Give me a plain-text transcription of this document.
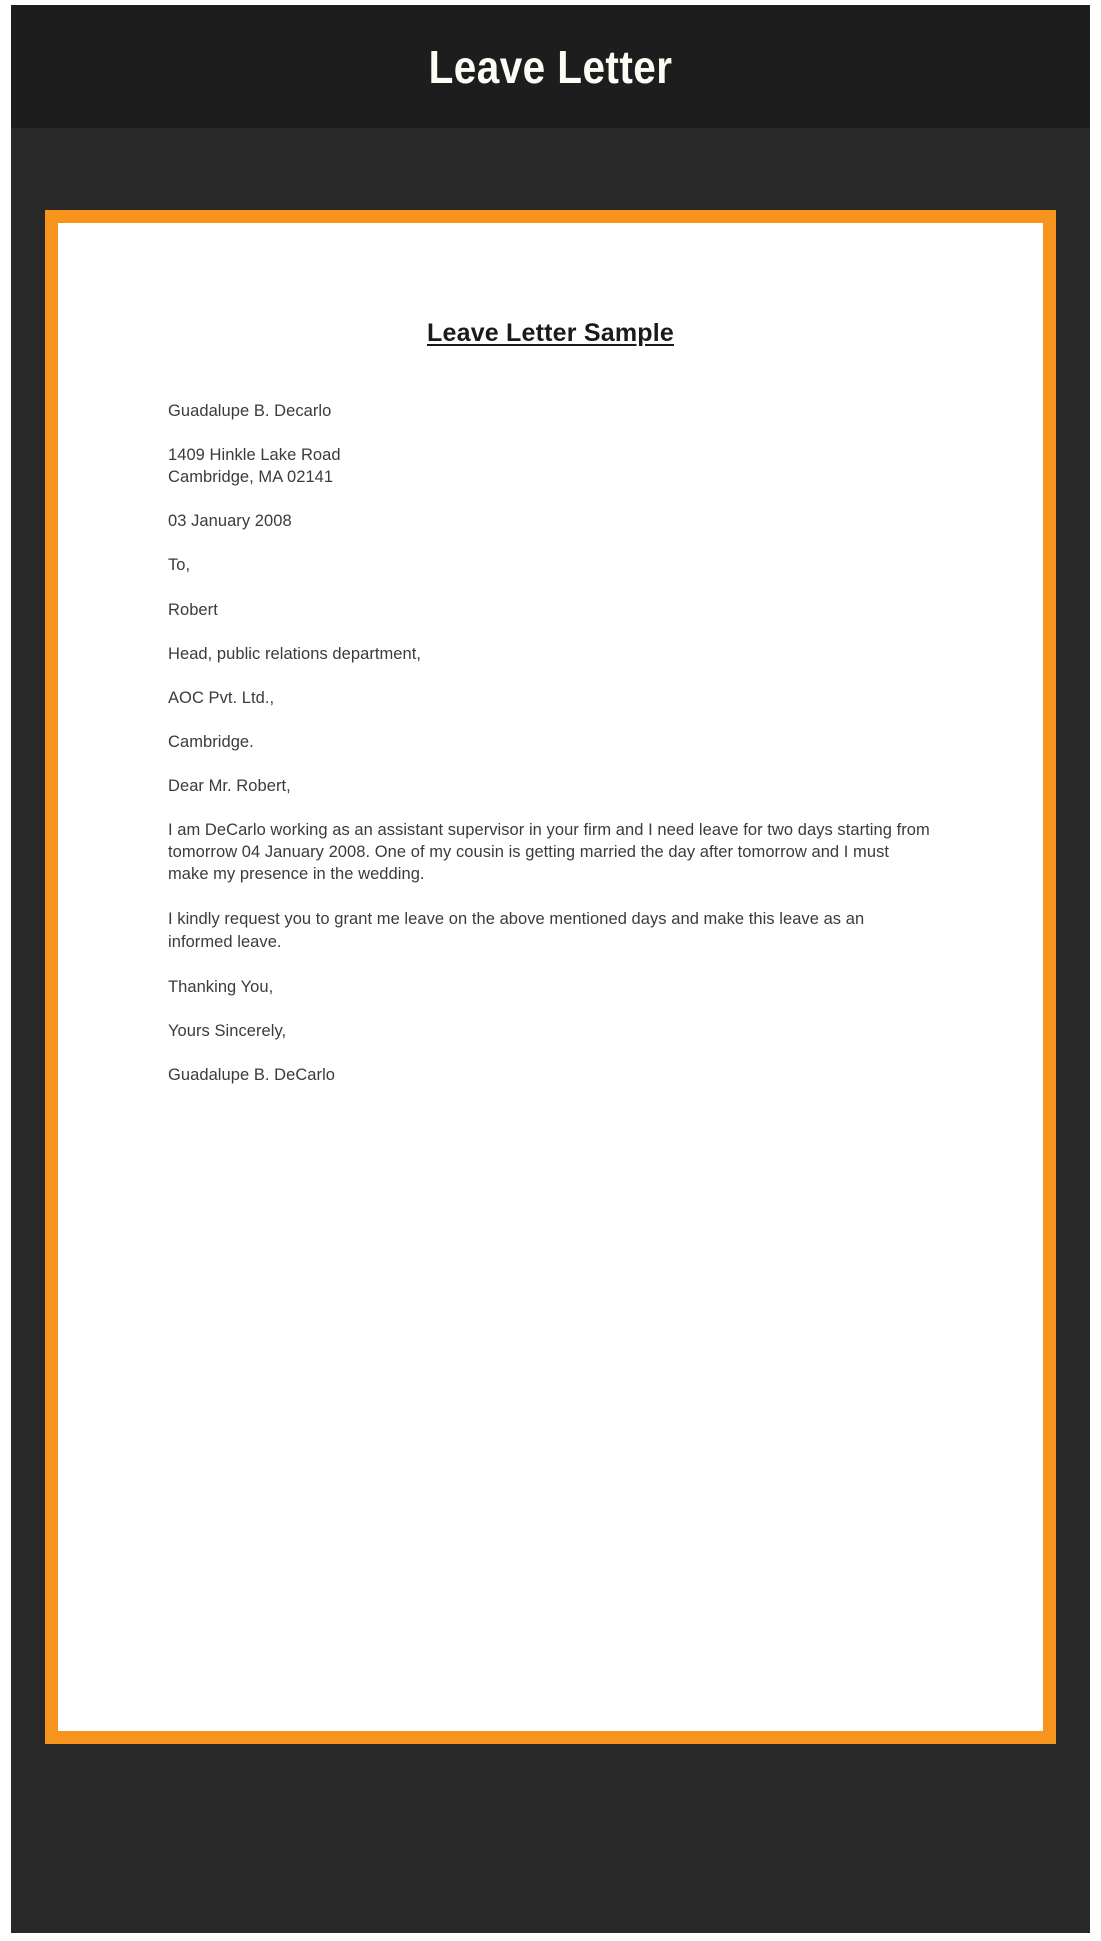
Leave Letter
Leave Letter Sample
Guadalupe B. Decarlo
1409 Hinkle Lake Road
Cambridge, MA 02141
03 January 2008
To,
Robert
Head, public relations department,
AOC Pvt. Ltd.,
Cambridge.
Dear Mr. Robert,
I am DeCarlo working as an assistant supervisor in your firm and I need leave for two days starting from tomorrow 04 January 2008. One of my cousin is getting married the day after tomorrow and I must make my presence in the wedding.
I kindly request you to grant me leave on the above mentioned days and make this leave as an informed leave.
Thanking You,
Yours Sincerely,
Guadalupe B. DeCarlo
